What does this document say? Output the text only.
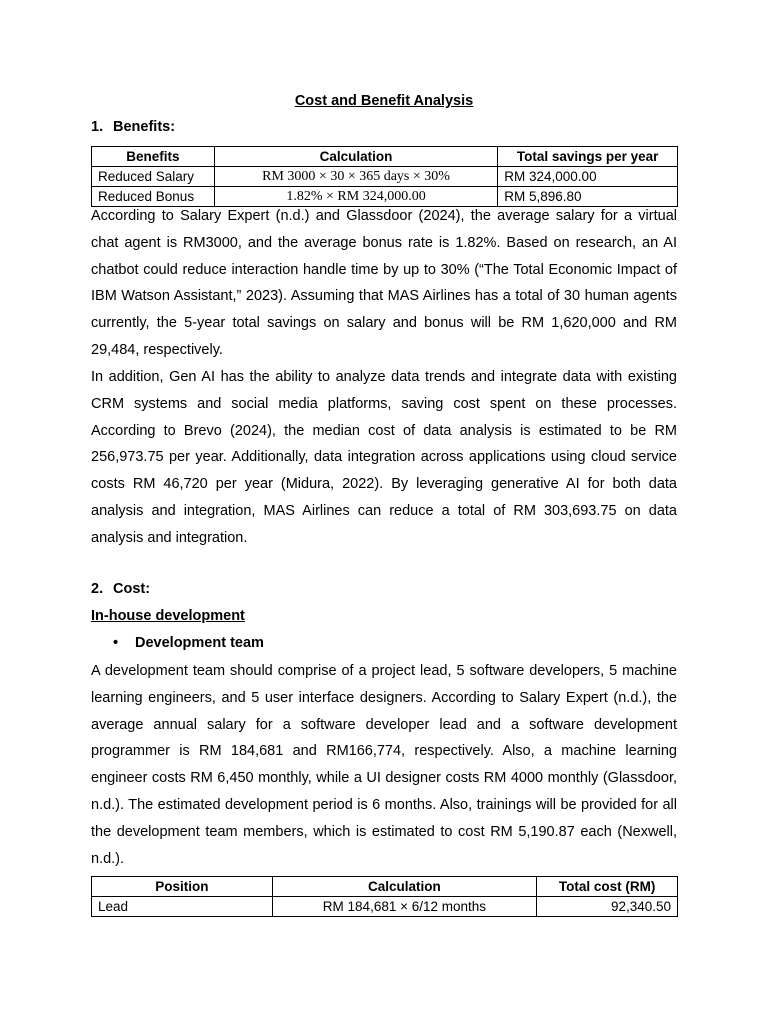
Cost and Benefit Analysis
1. Benefits:
Benefits	Calculation	Total savings per year
Reduced Salary	RM 3000 × 30 × 365 days × 30%	RM 324,000.00
Reduced Bonus	1.82% × RM 324,000.00	RM 5,896.80
According to Salary Expert (n.d.) and Glassdoor (2024), the average salary for a virtual chat agent is RM3000, and the average bonus rate is 1.82%. Based on research, an AI chatbot could reduce interaction handle time by up to 30% (“The Total Economic Impact of IBM Watson Assistant,” 2023). Assuming that MAS Airlines has a total of 30 human agents currently, the 5-year total savings on salary and bonus will be RM 1,620,000 and RM 29,484, respectively.
In addition, Gen AI has the ability to analyze data trends and integrate data with existing CRM systems and social media platforms, saving cost spent on these processes. According to Brevo (2024), the median cost of data analysis is estimated to be RM 256,973.75 per year. Additionally, data integration across applications using cloud service costs RM 46,720 per year (Midura, 2022). By leveraging generative AI for both data analysis and integration, MAS Airlines can reduce a total of RM 303,693.75 on data analysis and integration.
2. Cost:
In-house development
• Development team
A development team should comprise of a project lead, 5 software developers, 5 machine learning engineers, and 5 user interface designers. According to Salary Expert (n.d.), the average annual salary for a software developer lead and a software development programmer is RM 184,681 and RM166,774, respectively. Also, a machine learning engineer costs RM 6,450 monthly, while a UI designer costs RM 4000 monthly (Glassdoor, n.d.). The estimated development period is 6 months. Also, trainings will be provided for all the development team members, which is estimated to cost RM 5,190.87 each (Nexwell, n.d.).
Position	Calculation	Total cost (RM)
Lead	RM 184,681 × 6/12 months	92,340.50
